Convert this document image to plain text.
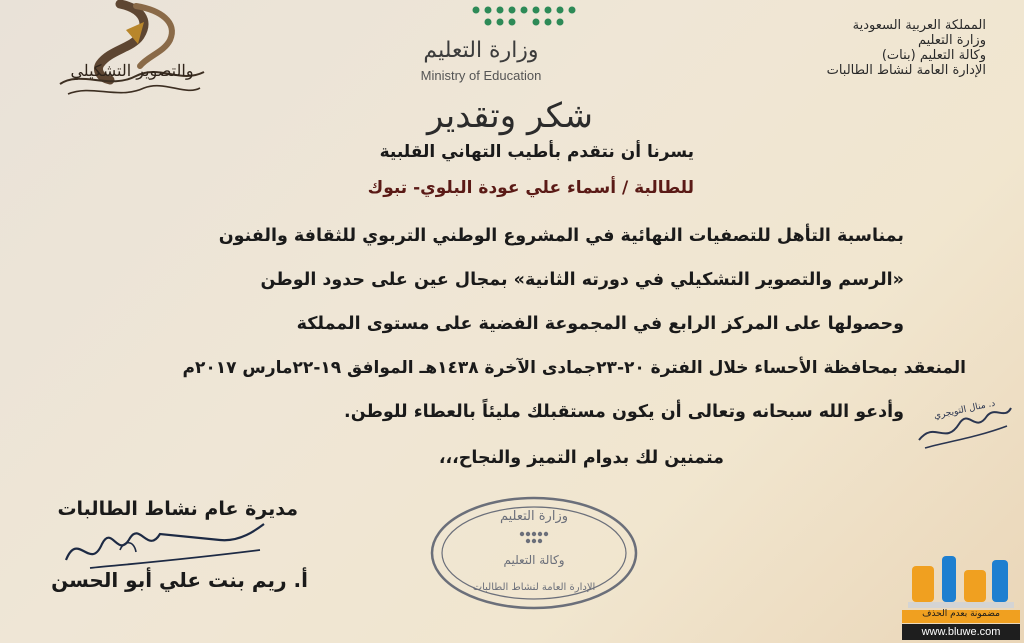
المملكة العربية السعودية
وزارة التعليم
وكالة التعليم (بنات)
الإدارة العامة لنشاط الطالبات
وزارة التعليم
Ministry of Education
والتصوير التشكيلي
شكر وتقدير
يسرنا أن نتقدم بأطيب التهاني القلبية
للطالبة / أسماء علي عودة البلوي- تبوك
بمناسبة التأهل للتصفيات النهائية في المشروع الوطني التربوي للثقافة والفنون
«الرسم والتصوير التشكيلي في دورته الثانية» بمجال عين على حدود الوطن
وحصولها على المركز الرابع في المجموعة الفضية على مستوى المملكة
المنعقد بمحافظة الأحساء خلال الفترة ٢٠-٢٣جمادى الآخرة ١٤٣٨هـ الموافق ١٩-٢٢مارس ٢٠١٧م
وأدعو الله سبحانه وتعالى أن يكون مستقبلك مليئاً بالعطاء للوطن.
متمنين لك بدوام التميز والنجاح،،،
د. منال التويجري
وزارة التعليم
وكالة التعليم
الإدارة العامة لنشاط الطالبات
مديرة عام نشاط الطالبات
أ. ريم بنت علي أبو الحسن
مضمونة بعدم الحذف
www.bluwe.com
